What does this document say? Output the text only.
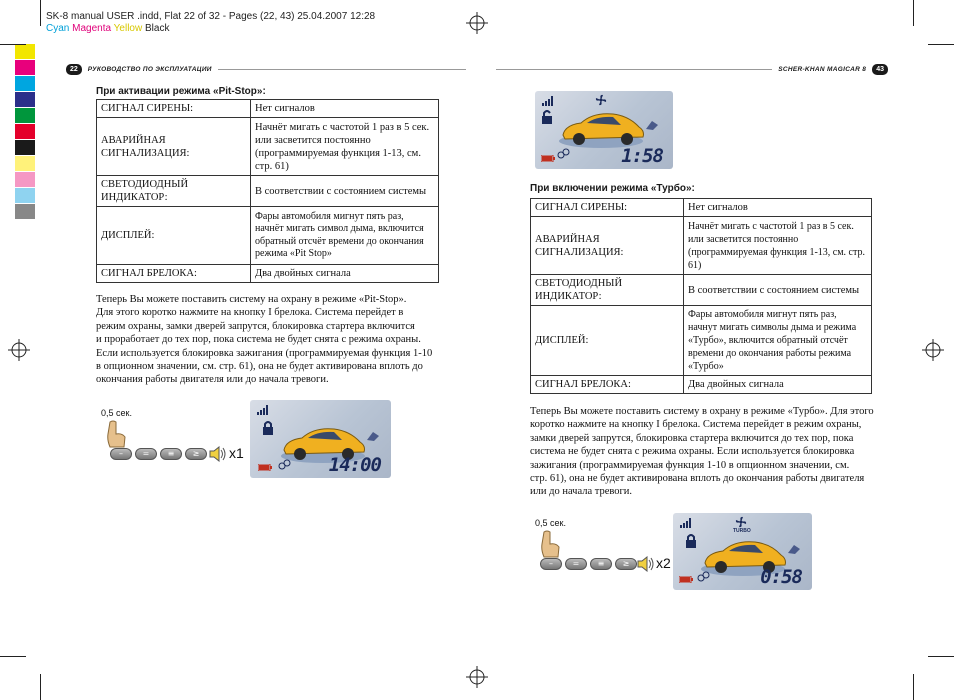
SK-8 manual USER .indd, Flat 22 of 32 - Pages (22, 43) 25.04.2007 12:28
Cyan Magenta Yellow Black
22	РУКОВОДСТВО ПО ЭКСПЛУАТАЦИИ
При активации режима «Pit-Stop»:
СИГНАЛ СИРЕНЫ:	Нет сигналов
АВАРИЙНАЯ СИГНАЛИЗАЦИЯ:	Начнёт мигать с частотой 1 раз в 5 сек. или засветится постоянно (программируемая функция 1-13, см. стр. 61)
СВЕТОДИОДНЫЙ ИНДИКАТОР:	В соответствии с состоянием системы
ДИСПЛЕЙ:	Фары автомобиля мигнут пять раз, начнёт мигать символ дыма, включится обратный отсчёт времени до окончания режима «Pit Stop»
СИГНАЛ БРЕЛОКА:	Два двойных сигнала
Теперь Вы можете поставить систему на охрану в режиме «Pit-Stop».
Для этого коротко нажмите на кнопку I брелока. Система перейдет в
режим охраны, замки дверей запрутся, блокировка стартера включится
и проработает до тех пор, пока система не будет снята с режима охраны.
Если используется блокировка зажигания (программируемая функция 1-10
в опционном значении, см. стр. 61), она не будет активирована вплоть до
окончания работы двигателя или до начала тревоги.
0,5 сек.
–	=	≡	≥	x1
14:00
SCHER-KHAN MAGICAR 8	43
1:58
При включении режима «Турбо»:
СИГНАЛ СИРЕНЫ:	Нет сигналов
АВАРИЙНАЯ СИГНАЛИЗАЦИЯ:	Начнёт мигать с частотой 1 раз в 5 сек. или засветится постоянно (программируемая функция 1-13, см. стр. 61)
СВЕТОДИОДНЫЙ ИНДИКАТОР:	В соответствии с состоянием системы
ДИСПЛЕЙ:	Фары автомобиля мигнут пять раз, начнут мигать символы дыма и режима «Турбо», включится обратный отсчёт времени до окончания работы режима «Турбо»
СИГНАЛ БРЕЛОКА:	Два двойных сигнала
Теперь Вы можете поставить систему в охрану в режиме «Турбо». Для этого
коротко нажмите на кнопку I брелока. Система перейдет в режим охраны,
замки дверей запрутся, блокировка стартера включится до тех пор, пока
система не будет снята с режима охраны. Если используется блокировка
зажигания (программируемая функция 1-10 в опционном значении, см.
стр. 61), она не будет активирована вплоть до окончания работы двигателя
или до начала тревоги.
0,5 сек.
–	=	≡	≥	x2
TURBO
0:58
